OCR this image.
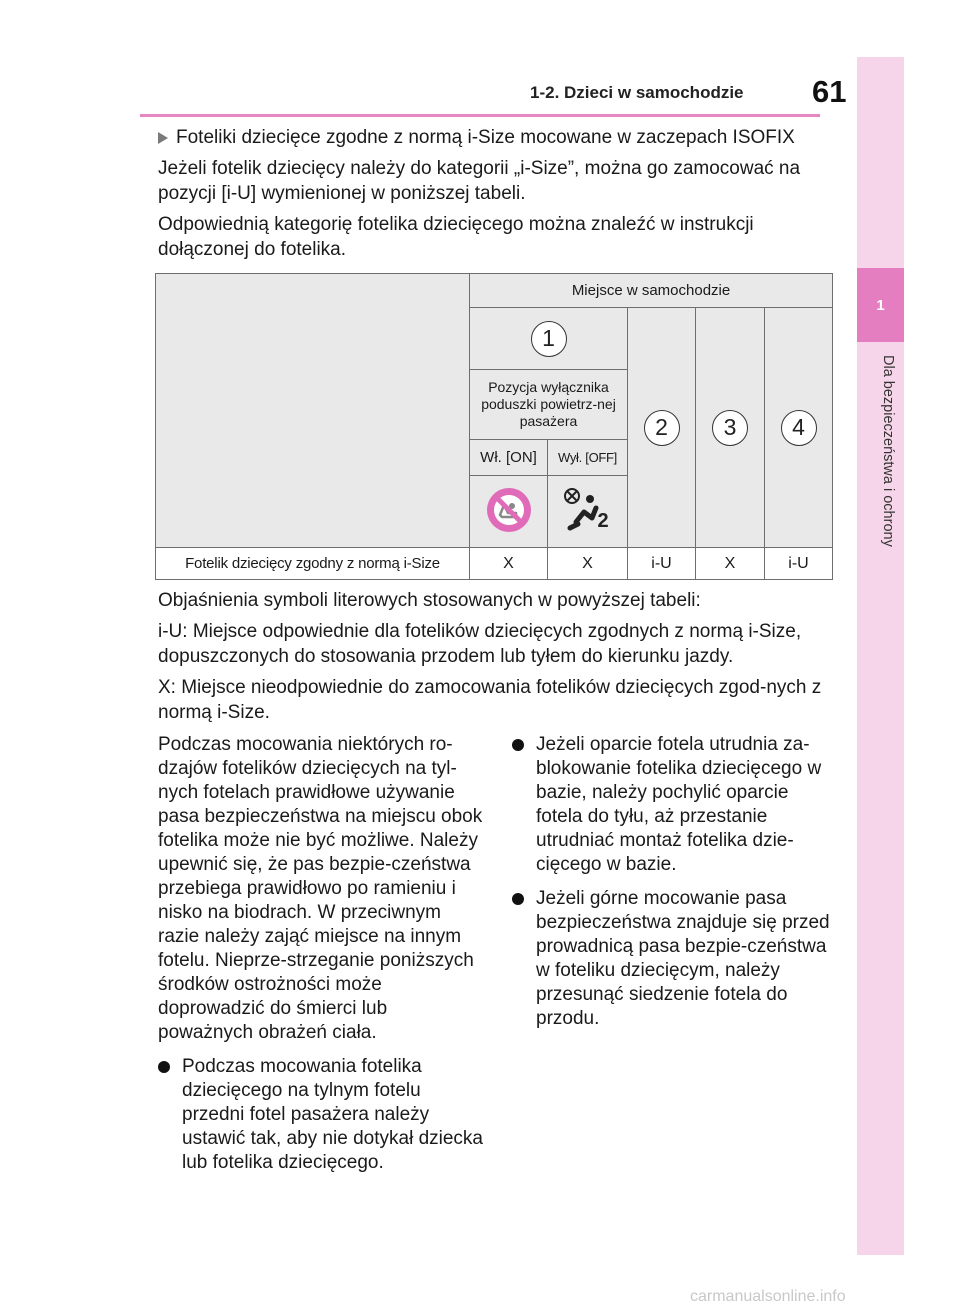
1-2. Dzieci w samochodzie 61
1
Dla bezpieczeństwa i ochrony
Foteliki dziecięce zgodne z normą i-Size mocowane w zaczepach ISOFIX

Jeżeli fotelik dziecięcy należy do kategorii „i-Size”, można go zamocować na pozycji [i-U] wymienionej w poniższej tabeli.

Odpowiednią kategorię fotelika dziecięcego można znaleźć w instrukcji dołączonej do fotelika.

	Miejsce w samochodzie				
	1		2	3	4
	Pozycja wyłącznika poduszki powietrz-nej pasażera				
	Wł. [ON]	Wył. [OFF]			

2			

Fotelik dziecięcy zgodny z normą i-Size	X	X	i-U	X	i-U

Objaśnienia symboli literowych stosowanych w powyższej tabeli:

i-U: Miejsce odpowiednie dla fotelików dziecięcych zgodnych z normą i-Size, dopuszczonych do stosowania przodem lub tyłem do kierunku jazdy.

X: Miejsce nieodpowiednie do zamocowania fotelików dziecięcych zgod-nych z normą i-Size.

Podczas mocowania niektórych ro-dzajów fotelików dziecięcych na tyl-nych fotelach prawidłowe używanie pasa bezpieczeństwa na miejscu obok fotelika może nie być możliwe. Należy upewnić się, że pas bezpie-czeństwa przebiega prawidłowo po ramieniu i nisko na biodrach. W przeciwnym razie należy zająć miejsce na innym fotelu. Nieprze-strzeganie poniższych środków ostrożności może doprowadzić do śmierci lub poważnych obrażeń ciała.
Podczas mocowania fotelika dziecięcego na tylnym fotelu przedni fotel pasażera należy ustawić tak, aby nie dotykał dziecka lub fotelika dziecięcego.
Jeżeli oparcie fotela utrudnia za-blokowanie fotelika dziecięcego w bazie, należy pochylić oparcie fotela do tyłu, aż przestanie utrudniać montaż fotelika dzie-cięcego w bazie.
Jeżeli górne mocowanie pasa bezpieczeństwa znajduje się przed prowadnicą pasa bezpie-czeństwa w foteliku dziecięcym, należy przesunąć siedzenie fotela do przodu.
carmanualsonline.info
